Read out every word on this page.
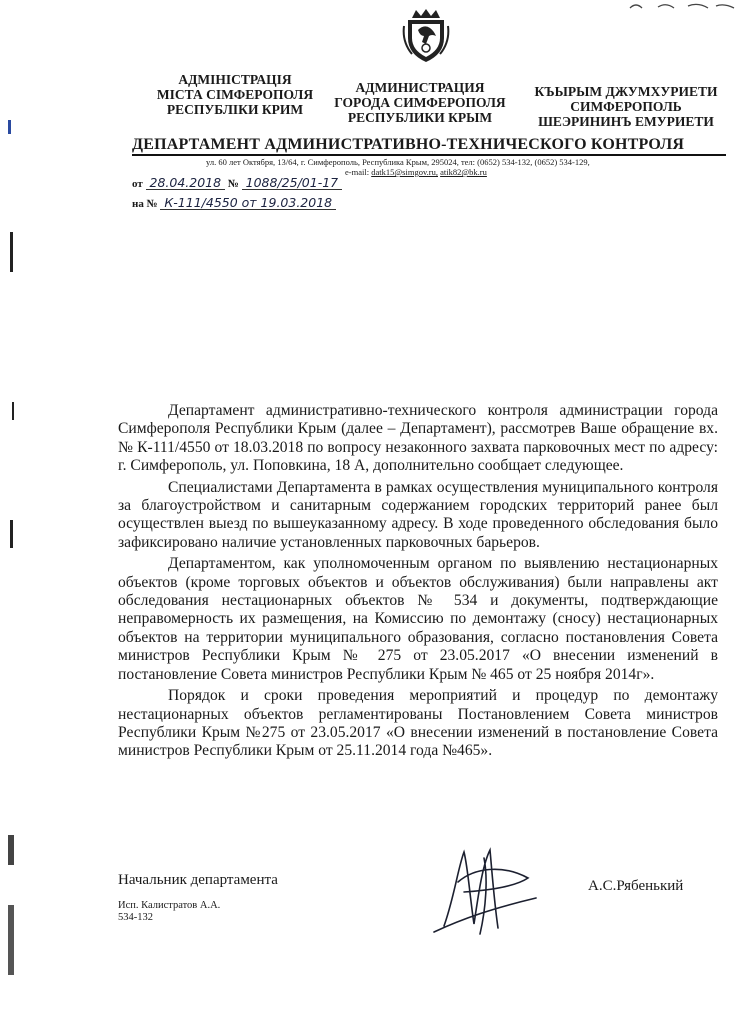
АДМІНІСТРАЦІЯ
МІСТА СІМФЕРОПОЛЯ
РЕСПУБЛІКИ КРИМ
АДМИНИСТРАЦИЯ
ГОРОДА СИМФЕРОПОЛЯ
РЕСПУБЛИКИ КРЫМ
КЪЫРЫМ ДЖУМХУРИЕТИ
СИМФЕРОПОЛЬ
ШЕЭРИНИНЪ ЕМУРИЕТИ
ДЕПАРТАМЕНТ АДМИНИСТРАТИВНО-ТЕХНИЧЕСКОГО КОНТРОЛЯ
ул. 60 лет Октября, 13/64, г. Симферополь, Республика Крым, 295024, тел: (0652) 534-132, (0652) 534-129,
e-mail: datk15@simgov.ru, atik82@bk.ru
от 28.04.2018 № 1088/25/01-17
на № К-111/4550 от 19.03.2018

Департамент административно-технического контроля администрации города Симферополя Республики Крым (далее – Департамент), рассмотрев Ваше обращение вх. № К-111/4550 от 18.03.2018 по вопросу незаконного захвата парковочных мест по адресу: г. Симферополь, ул. Поповкина, 18 А, дополнительно сообщает следующее.

Специалистами Департамента в рамках осуществления муниципального контроля за благоустройством и санитарным содержанием городских территорий ранее был осуществлен выезд по вышеуказанному адресу. В ходе проведенного обследования было зафиксировано наличие установленных парковочных барьеров.

Департаментом, как уполномоченным органом по выявлению нестационарных объектов (кроме торговых объектов и объектов обслуживания) были направлены акт обследования нестационарных объектов № 534 и документы, подтверждающие неправомерность их размещения, на Комиссию по демонтажу (сносу) нестационарных объектов на территории муниципального образования, согласно постановления Совета министров Республики Крым № 275 от 23.05.2017 «О внесении изменений в постановление Совета министров Республики Крым № 465 от 25 ноября 2014г».

Порядок и сроки проведения мероприятий и процедур по демонтажу нестационарных объектов регламентированы Постановлением Совета министров Республики Крым №275 от 23.05.2017 «О внесении изменений в постановление Совета министров Республики Крым от 25.11.2014 года №465».

Начальник департамента	А.С.Рябенький
Исп. Калистратов А.А.
534-132
